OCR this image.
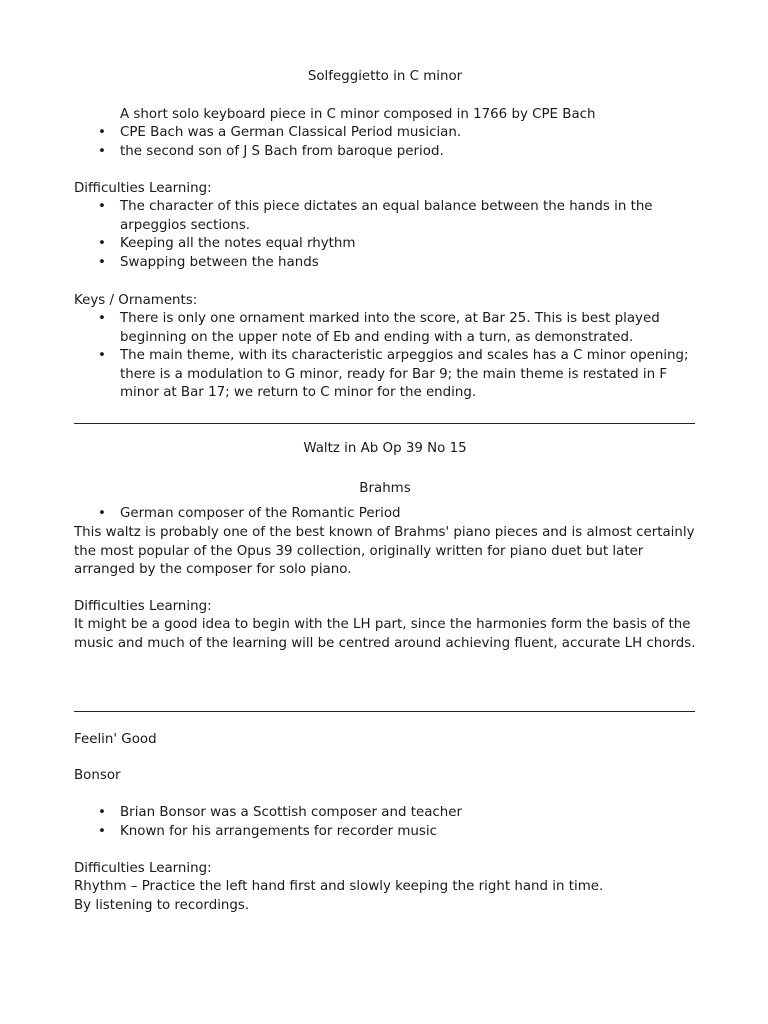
Solfeggietto in C minor
A short solo keyboard piece in C minor composed in 1766 by CPE Bach
• CPE Bach was a German Classical Period musician.
• the second son of J S Bach from baroque period.
Difficulties Learning:
• The character of this piece dictates an equal balance between the hands in the arpeggios sections.
• Keeping all the notes equal rhythm
• Swapping between the hands
Keys / Ornaments:
• There is only one ornament marked into the score, at Bar 25. This is best played beginning on the upper note of Eb and ending with a turn, as demonstrated.
• The main theme, with its characteristic arpeggios and scales has a C minor opening; there is a modulation to G minor, ready for Bar 9; the main theme is restated in F minor at Bar 17; we return to C minor for the ending.
Waltz in Ab Op 39 No 15
Brahms
• German composer of the Romantic Period

This waltz is probably one of the best known of Brahms' piano pieces and is almost certainly the most popular of the Opus 39 collection, originally written for piano duet but later arranged by the composer for solo piano.

Difficulties Learning:

It might be a good idea to begin with the LH part, since the harmonies form the basis of the music and much of the learning will be centred around achieving fluent, accurate LH chords.

Feelin' Good
Bonsor
• Brian Bonsor was a Scottish composer and teacher
• Known for his arrangements for recorder music
Difficulties Learning:
Rhythm – Practice the left hand first and slowly keeping the right hand in time.
By listening to recordings.
